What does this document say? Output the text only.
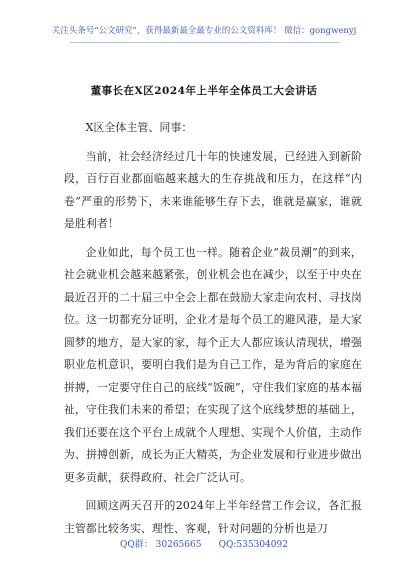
关注头条号“公文研究”，获得最新最全最专业的公文资料库！ 微信：gongwenyj
董事长在X区2024年上半年全体员工大会讲话

X区全体主管、同事：

当前，社会经济经过几十年的快速发展，已经进入到新阶段，百行百业都面临越来越大的生存挑战和压力，在这样“内卷”严重的形势下，未来谁能够生存下去，谁就是赢家，谁就是胜利者！

企业如此，每个员工也一样。随着企业“裁员潮”的到来，社会就业机会越来越紧张，创业机会也在减少，以至于中央在最近召开的二十届三中全会上都在鼓励大家走向农村、寻找岗位。这一切都充分证明，企业才是每个员工的避风港，是大家圆梦的地方，是大家的家，每个正大人都应该认清现状，增强职业危机意识，要明白我们是为自己工作，是为背后的家庭在拼搏，一定要守住自己的底线“饭碗”，守住我们家庭的基本福祉，守住我们未来的希望；在实现了这个底线梦想的基础上，我们还要在这个平台上成就个人理想、实现个人价值，主动作为、拼搏创新，成长为正大精英，为企业发展和行业进步做出更多贡献，获得政府、社会广泛认可。

回顾这两天召开的2024年上半年经营工作会议，各汇报主管都比较务实、理性、客观，针对问题的分析也是刀

QQ群： 30265665      QQ:535304092
